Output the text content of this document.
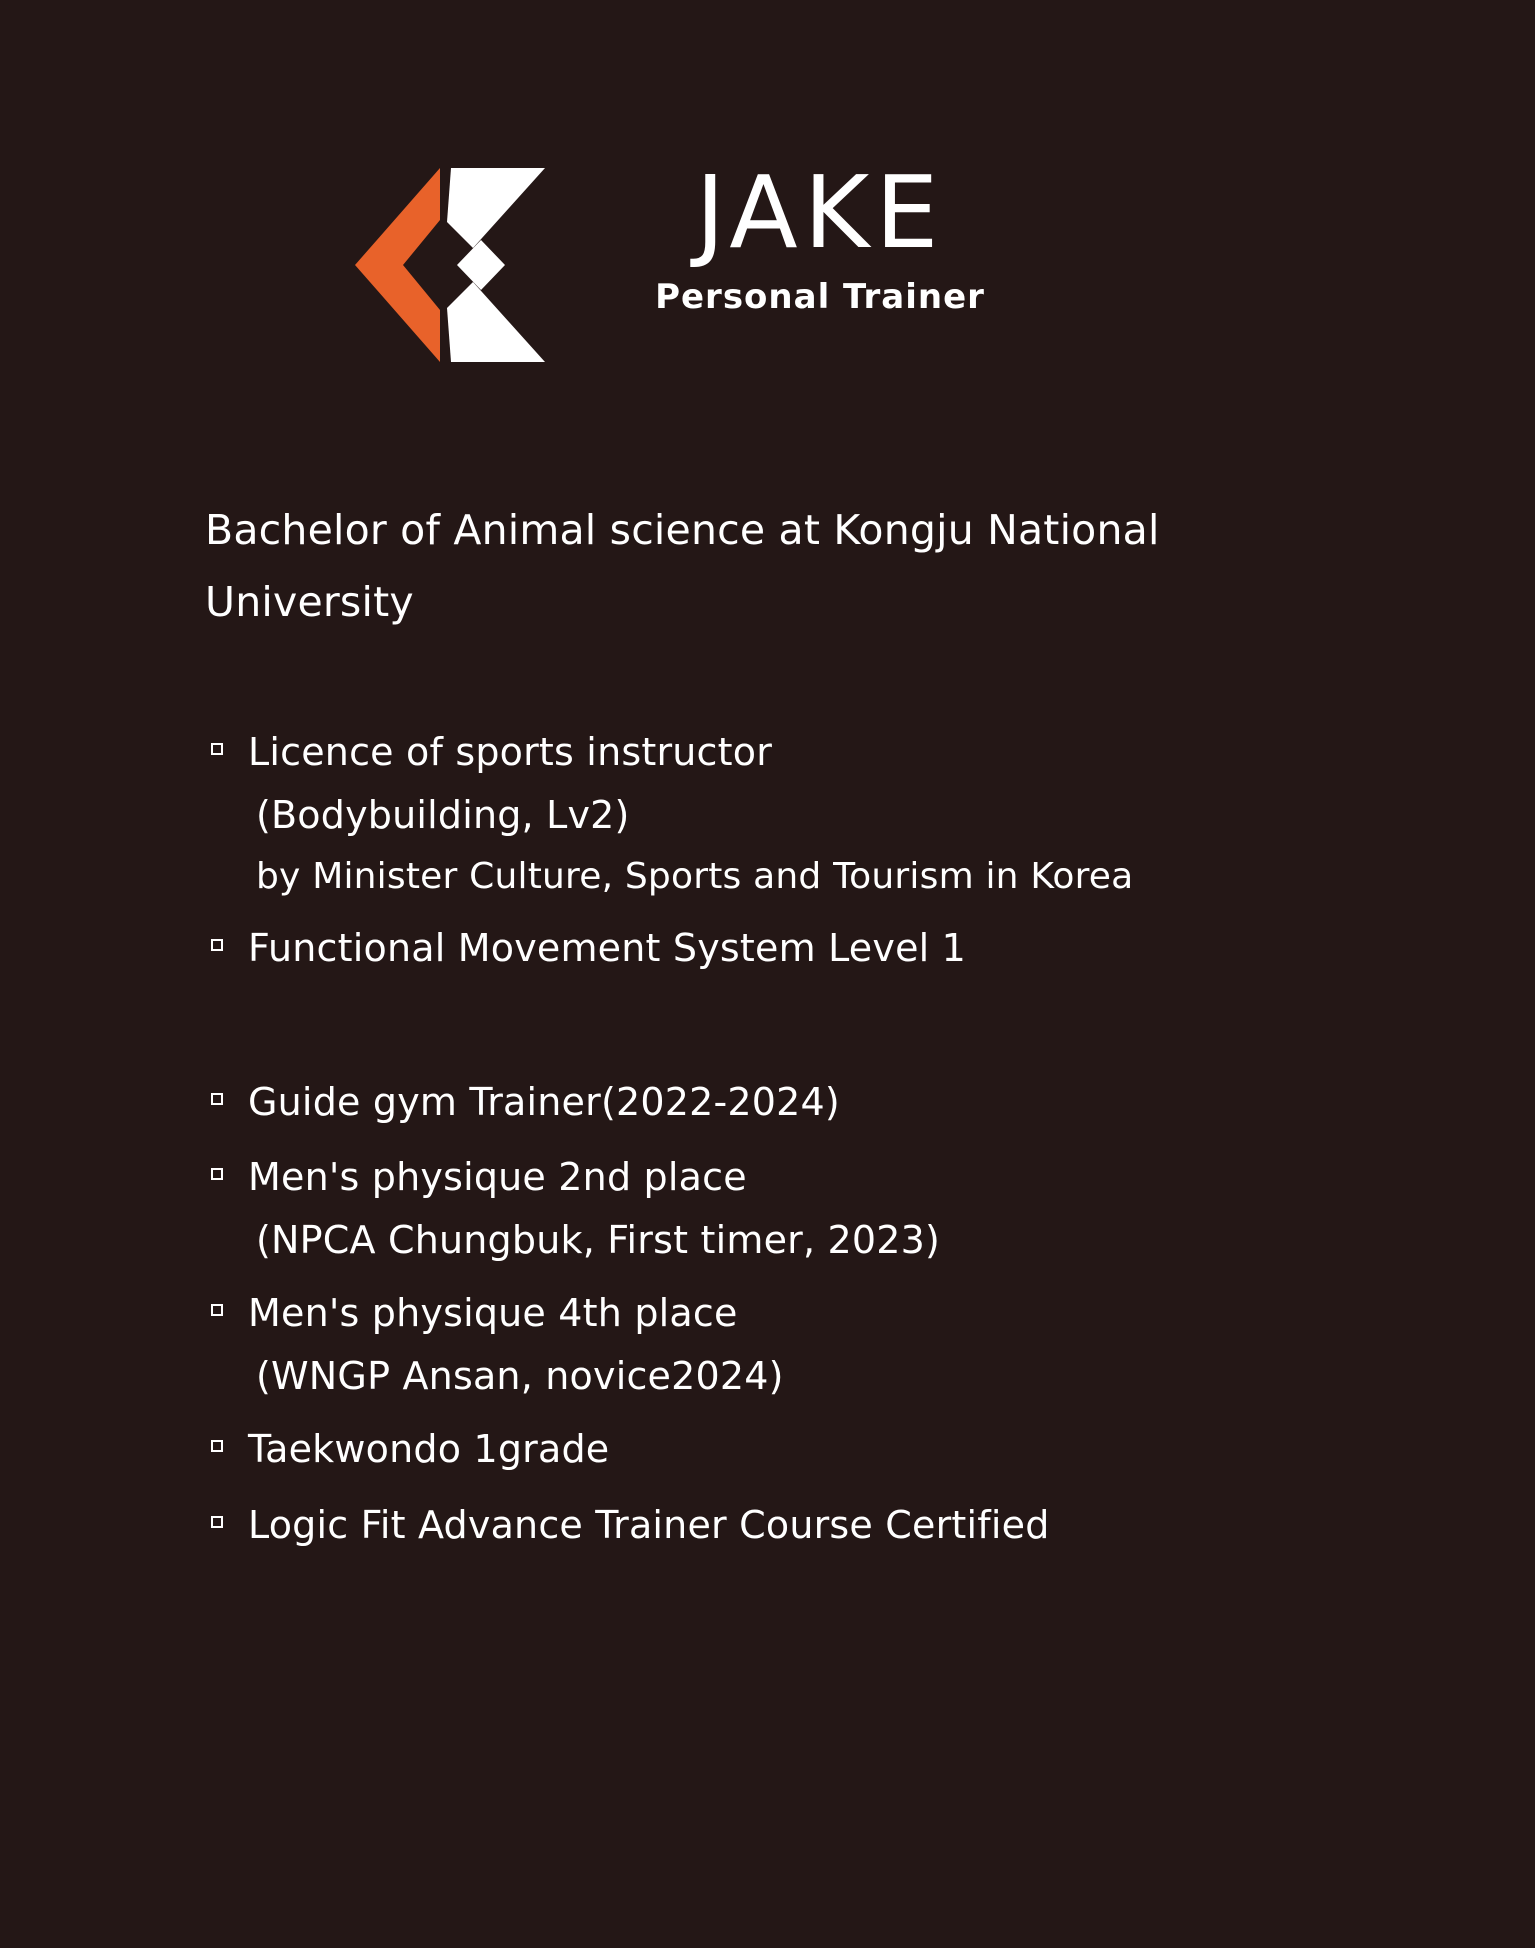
JAKE
Personal Trainer
Bachelor of Animal science at Kongju National University
Licence of sports instructor
(Bodybuilding, Lv2)
by Minister Culture, Sports and Tourism in Korea
Functional Movement System Level 1
Guide gym Trainer(2022-2024)
Men's physique 2nd place
(NPCA Chungbuk, First timer, 2023)
Men's physique 4th place
(WNGP Ansan, novice2024)
Taekwondo 1grade
Logic Fit Advance Trainer Course Certified
